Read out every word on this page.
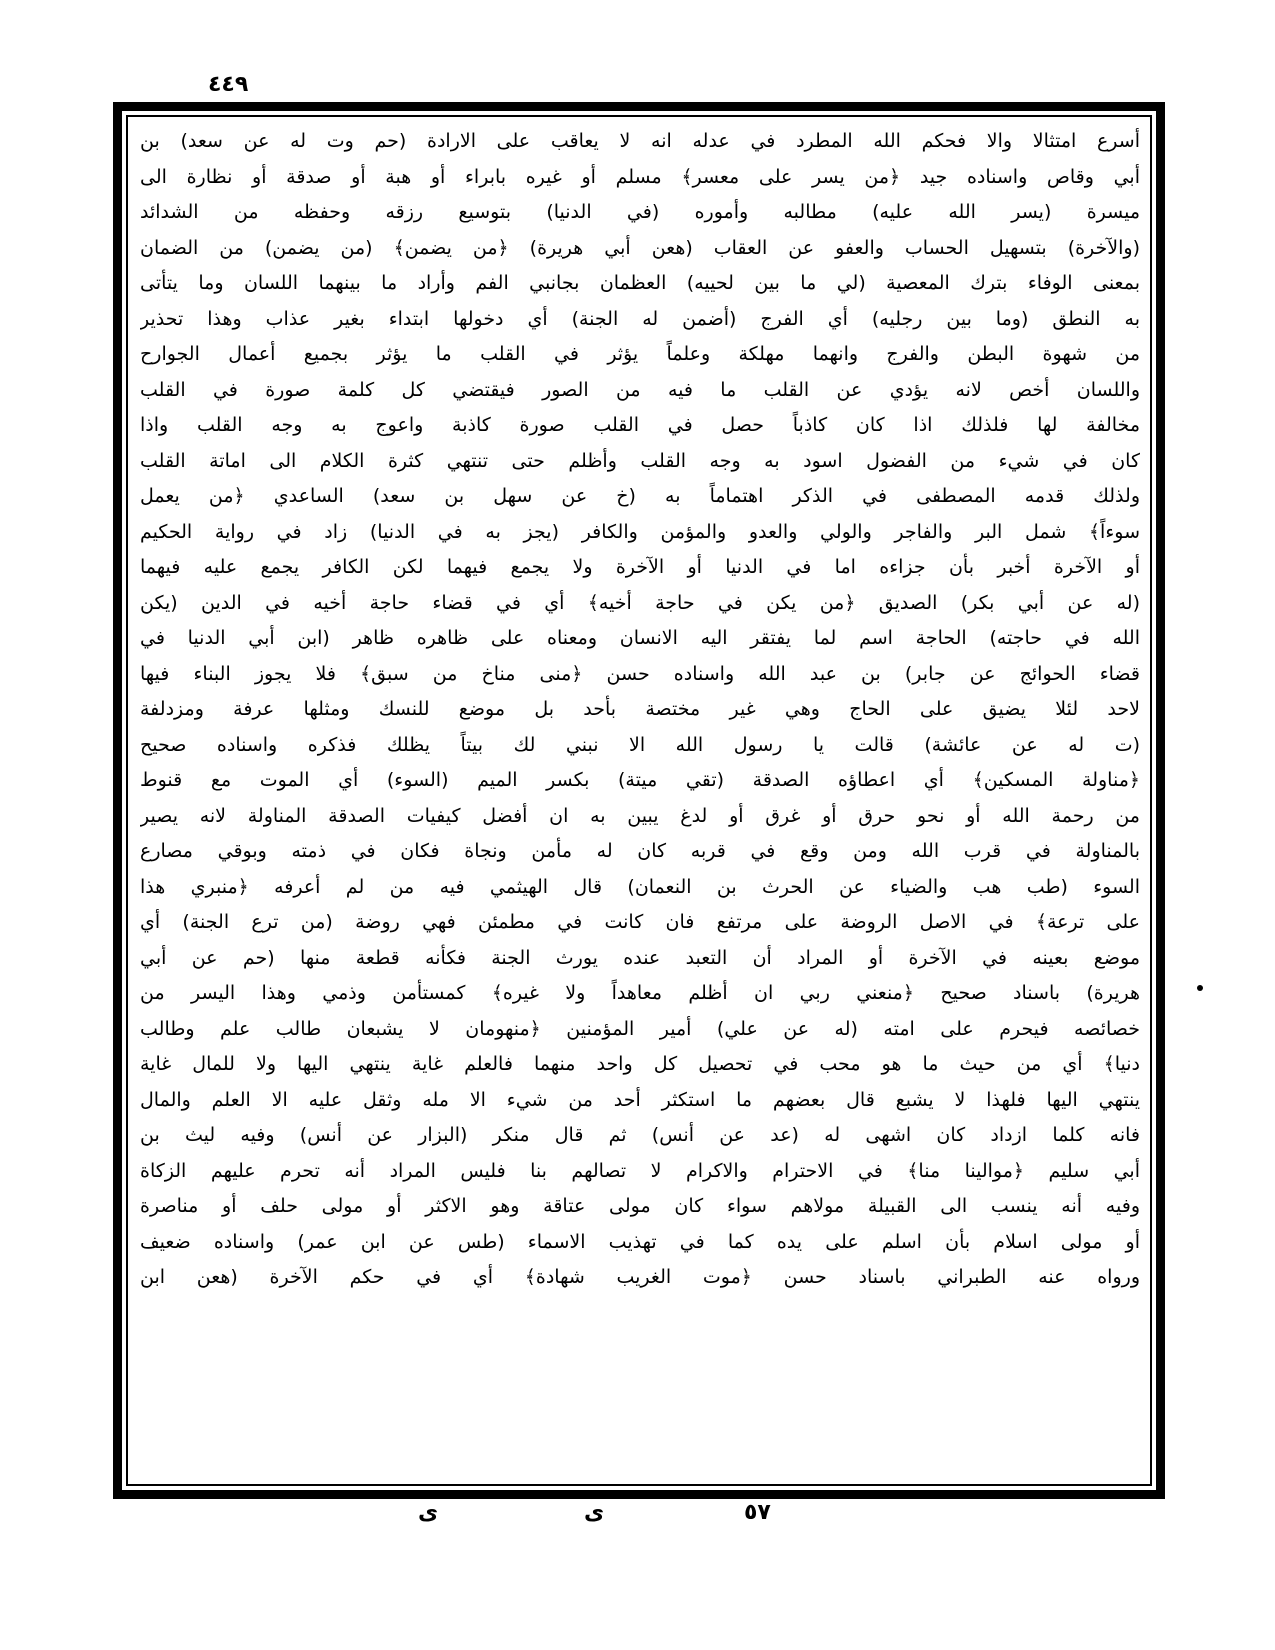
٤٤٩
أسرع امتثالا والا فحكم الله المطرد في عدله انه لا يعاقب على الارادة (حم وت له عن سعد) بن
أبي وقاص واسناده جيد ﴿من يسر على معسر﴾ مسلم أو غيره بابراء أو هبة أو صدقة أو نظارة الى
ميسرة (يسر الله عليه) مطالبه وأموره (في الدنيا) بتوسيع رزقه وحفظه من الشدائد
(والآخرة) بتسهيل الحساب والعفو عن العقاب (هعن أبي هريرة) ﴿من يضمن﴾ (من يضمن) من الضمان
بمعنى الوفاء بترك المعصية (لي ما بين لحييه) العظمان بجانبي الفم وأراد ما بينهما اللسان وما يتأتى
به النطق (وما بين رجليه) أي الفرج (أضمن له الجنة) أي دخولها ابتداء بغير عذاب وهذا تحذير
من شهوة البطن والفرج وانهما مهلكة وعلماً يؤثر في القلب ما يؤثر بجميع أعمال الجوارح
واللسان أخص لانه يؤدي عن القلب ما فيه من الصور فيقتضي كل كلمة صورة في القلب
مخالفة لها فلذلك اذا كان كاذباً حصل في القلب صورة كاذبة واعوج به وجه القلب واذا
كان في شيء من الفضول اسود به وجه القلب وأظلم حتى تنتهي كثرة الكلام الى اماتة القلب
ولذلك قدمه المصطفى في الذكر اهتماماً به (خ عن سهل بن سعد) الساعدي ﴿من يعمل
سوءاً﴾ شمل البر والفاجر والولي والعدو والمؤمن والكافر (يجز به في الدنيا) زاد في رواية الحكيم
أو الآخرة أخبر بأن جزاءه اما في الدنيا أو الآخرة ولا يجمع فيهما لكن الكافر يجمع عليه فيهما
(له عن أبي بكر) الصديق ﴿من يكن في حاجة أخيه﴾ أي في قضاء حاجة أخيه في الدين (يكن
الله في حاجته) الحاجة اسم لما يفتقر اليه الانسان ومعناه على ظاهره ظاهر (ابن أبي الدنيا في
قضاء الحوائج عن جابر) بن عبد الله واسناده حسن ﴿منى مناخ من سبق﴾ فلا يجوز البناء فيها
لاحد لئلا يضيق على الحاج وهي غير مختصة بأحد بل موضع للنسك ومثلها عرفة ومزدلفة
(ت له عن عائشة) قالت يا رسول الله الا نبني لك بيتاً يظلك فذكره واسناده صحيح
﴿مناولة المسكين﴾ أي اعطاؤه الصدقة (تقي ميتة) بكسر الميم (السوء) أي الموت مع قنوط
من رحمة الله أو نحو حرق أو غرق أو لدغ يبين به ان أفضل كيفيات الصدقة المناولة لانه يصير
بالمناولة في قرب الله ومن وقع في قربه كان له مأمن ونجاة فكان في ذمته وبوقي مصارع
السوء (طب هب والضياء عن الحرث بن النعمان) قال الهيثمي فيه من لم أعرفه ﴿منبري هذا
على ترعة﴾ في الاصل الروضة على مرتفع فان كانت في مطمئن فهي روضة (من ترع الجنة) أي
موضع بعينه في الآخرة أو المراد أن التعبد عنده يورث الجنة فكأنه قطعة منها (حم عن أبي
هريرة) باسناد صحيح ﴿منعني ربي ان أظلم معاهداً ولا غيره﴾ كمستأمن وذمي وهذا اليسر من
خصائصه فيحرم على امته (له عن علي) أمير المؤمنين ﴿منهومان لا يشبعان طالب علم وطالب
دنيا﴾ أي من حيث ما هو محب في تحصيل كل واحد منهما فالعلم غاية ينتهي اليها ولا للمال غاية
ينتهي اليها فلهذا لا يشبع قال بعضهم ما استكثر أحد من شيء الا مله وثقل عليه الا العلم والمال
فانه كلما ازداد كان اشهى له (عد عن أنس) ثم قال منكر (البزار عن أنس) وفيه ليث بن
أبي سليم ﴿موالينا منا﴾ في الاحترام والاكرام لا تصالهم بنا فليس المراد أنه تحرم عليهم الزكاة
وفيه أنه ينسب الى القبيلة مولاهم سواء كان مولى عتاقة وهو الاكثر أو مولى حلف أو مناصرة
أو مولى اسلام بأن اسلم على يده كما في تهذيب الاسماء (طس عن ابن عمر) واسناده ضعيف
ورواه عنه الطبراني باسناد حسن ﴿موت الغريب شهادة﴾ أي في حكم الآخرة (هعن ابن
ى	ى	٥٧
